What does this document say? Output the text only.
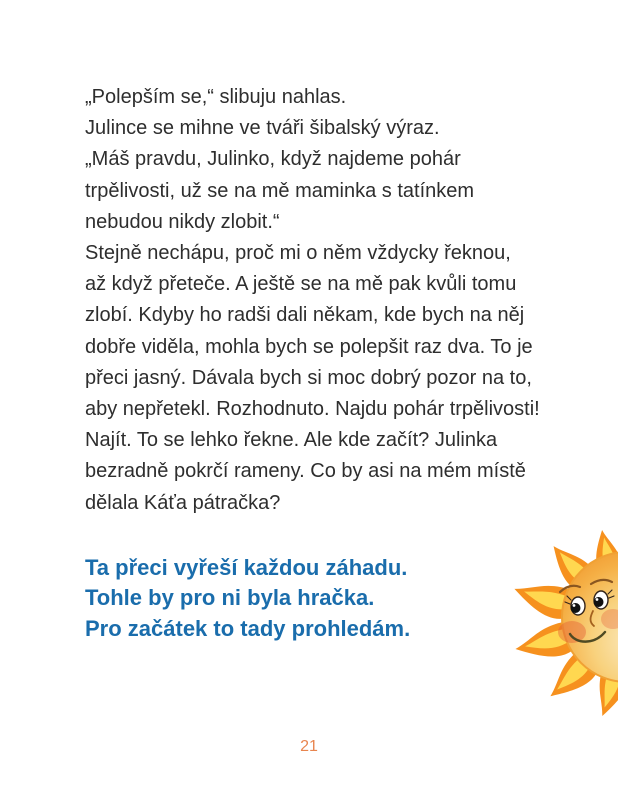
„Polepším se,“ slibuju nahlas.
Julince se mihne ve tváři šibalský výraz.
„Máš pravdu, Julinko, když najdeme pohár
trpělivosti, už se na mě maminka s tatínkem
nebudou nikdy zlobit.“
Stejně nechápu, proč mi o něm vždycky řeknou,
až když přeteče. A ještě se na mě pak kvůli tomu
zlobí. Kdyby ho radši dali někam, kde bych na něj
dobře viděla, mohla bych se polepšit raz dva. To je
přeci jasný. Dávala bych si moc dobrý pozor na to,
aby nepřetekl. Rozhodnuto. Najdu pohár trpělivosti!
Najít. To se lehko řekne. Ale kde začít? Julinka
bezradně pokrčí rameny. Co by asi na mém místě
dělala Káťa pátračka?
Ta přeci vyřeší každou záhadu.
Tohle by pro ni byla hračka.
Pro začátek to tady prohledám.
21
